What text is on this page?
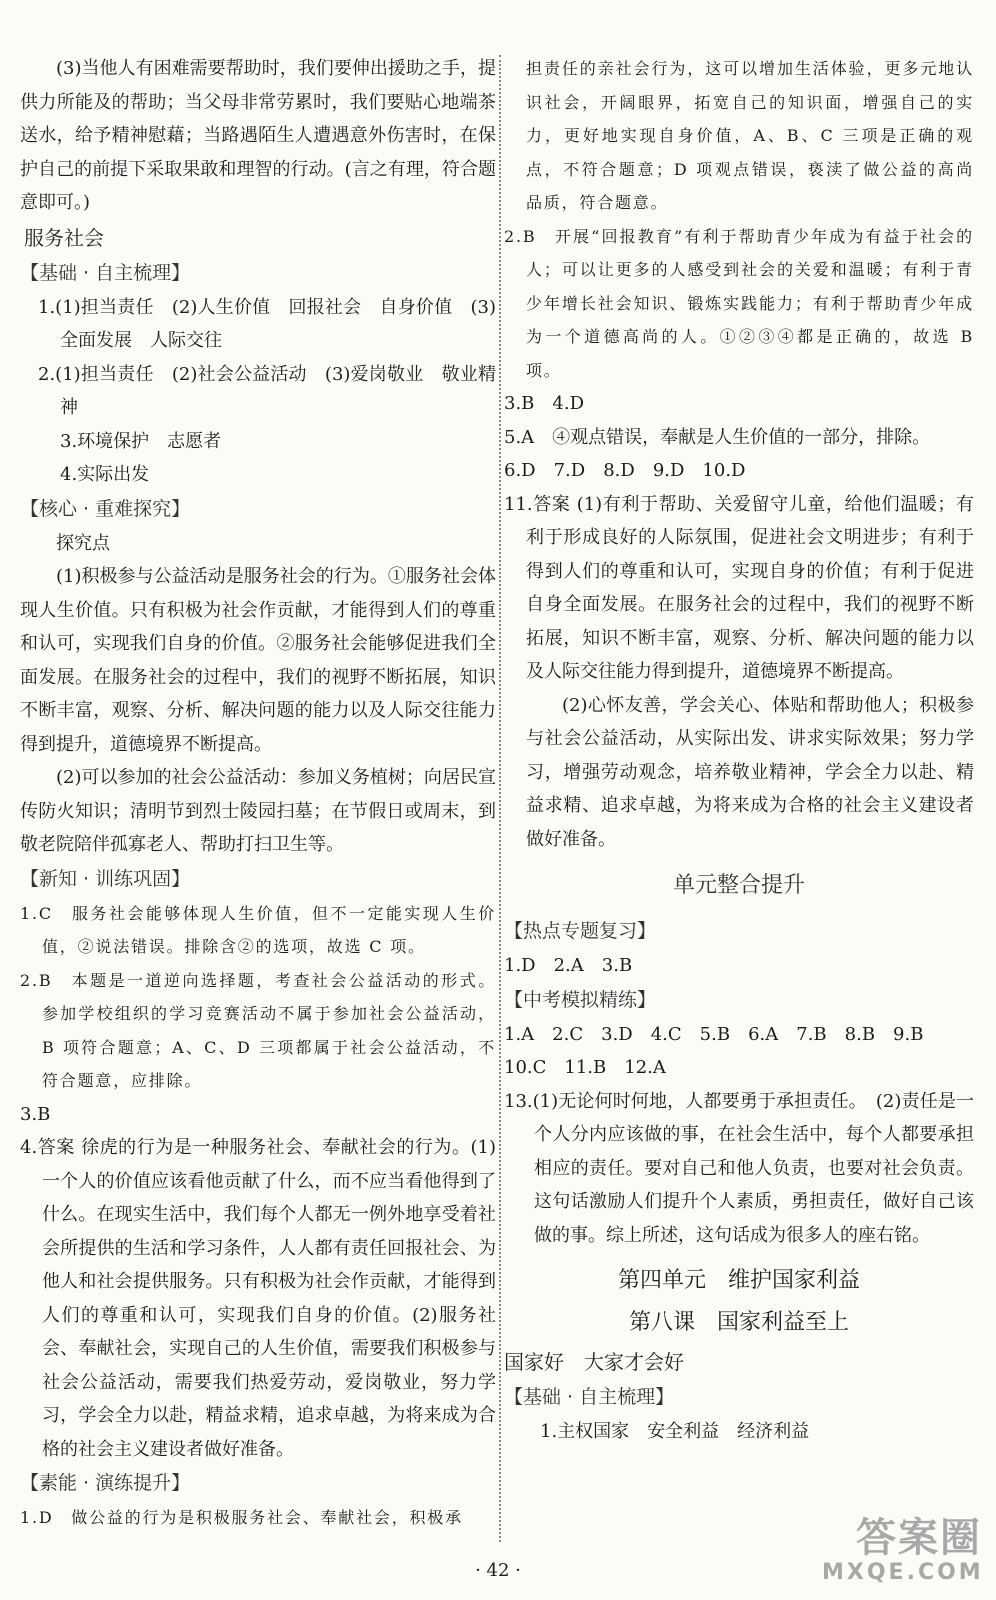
(3)当他人有困难需要帮助时，我们要伸出援助之手，提供力所能及的帮助；当父母非常劳累时，我们要贴心地端茶送水，给予精神慰藉；当路遇陌生人遭遇意外伤害时，在保护自己的前提下采取果敢和理智的行动。(言之有理，符合题意即可。)

服务社会

【基础 · 自主梳理】

1.(1)担当责任　(2)人生价值　回报社会　自身价值　(3)全面发展　人际交往

2.(1)担当责任　(2)社会公益活动　(3)爱岗敬业　敬业精神

3.环境保护　志愿者

4.实际出发

【核心 · 重难探究】

探究点

(1)积极参与公益活动是服务社会的行为。①服务社会体现人生价值。只有积极为社会作贡献，才能得到人们的尊重和认可，实现我们自身的价值。②服务社会能够促进我们全面发展。在服务社会的过程中，我们的视野不断拓展，知识不断丰富，观察、分析、解决问题的能力以及人际交往能力得到提升，道德境界不断提高。

(2)可以参加的社会公益活动：参加义务植树；向居民宣传防火知识；清明节到烈士陵园扫墓；在节假日或周末，到敬老院陪伴孤寡老人、帮助打扫卫生等。

【新知 · 训练巩固】

1.C　服务社会能够体现人生价值，但不一定能实现人生价值，②说法错误。排除含②的选项，故选 C 项。

2.B　本题是一道逆向选择题，考查社会公益活动的形式。参加学校组织的学习竞赛活动不属于参加社会公益活动，B 项符合题意；A、C、D 三项都属于社会公益活动，不符合题意，应排除。

3.B

4.答案 徐虎的行为是一种服务社会、奉献社会的行为。(1)一个人的价值应该看他贡献了什么，而不应当看他得到了什么。在现实生活中，我们每个人都无一例外地享受着社会所提供的生活和学习条件，人人都有责任回报社会、为他人和社会提供服务。只有积极为社会作贡献，才能得到人们的尊重和认可，实现我们自身的价值。(2)服务社会、奉献社会，实现自己的人生价值，需要我们积极参与社会公益活动，需要我们热爱劳动，爱岗敬业，努力学习，学会全力以赴，精益求精，追求卓越，为将来成为合格的社会主义建设者做好准备。

【素能 · 演练提升】

1.D　做公益的行为是积极服务社会、奉献社会，积极承

担责任的亲社会行为，这可以增加生活体验，更多元地认识社会，开阔眼界，拓宽自己的知识面，增强自己的实力，更好地实现自身价值，A、B、C 三项是正确的观点，不符合题意；D 项观点错误，亵渎了做公益的高尚品质，符合题意。

2.B　开展“回报教育”有利于帮助青少年成为有益于社会的人；可以让更多的人感受到社会的关爱和温暖；有利于青少年增长社会知识、锻炼实践能力；有利于帮助青少年成为一个道德高尚的人。①②③④都是正确的，故选 B 项。

3.B　4.D

5.A　④观点错误，奉献是人生价值的一部分，排除。

6.D　7.D　8.D　9.D　10.D

11.答案 (1)有利于帮助、关爱留守儿童，给他们温暖；有利于形成良好的人际氛围，促进社会文明进步；有利于得到人们的尊重和认可，实现自身的价值；有利于促进自身全面发展。在服务社会的过程中，我们的视野不断拓展，知识不断丰富，观察、分析、解决问题的能力以及人际交往能力得到提升，道德境界不断提高。

(2)心怀友善，学会关心、体贴和帮助他人；积极参与社会公益活动，从实际出发、讲求实际效果；努力学习，增强劳动观念，培养敬业精神，学会全力以赴、精益求精、追求卓越，为将来成为合格的社会主义建设者做好准备。

单元整合提升

【热点专题复习】

1.D　2.A　3.B

【中考模拟精练】

1.A　2.C　3.D　4.C　5.B　6.A　7.B　8.B　9.B

10.C　11.B　12.A

13.(1)无论何时何地，人都要勇于承担责任。　(2)责任是一个人分内应该做的事，在社会生活中，每个人都要承担相应的责任。要对自己和他人负责，也要对社会负责。这句话激励人们提升个人素质，勇担责任，做好自己该做的事。综上所述，这句话成为很多人的座右铭。

第四单元　维护国家利益

第八课　国家利益至上

国家好　大家才会好

【基础 · 自主梳理】

1.主权国家　安全利益　经济利益

· 42 ·
答案圈
MXQE.COM
